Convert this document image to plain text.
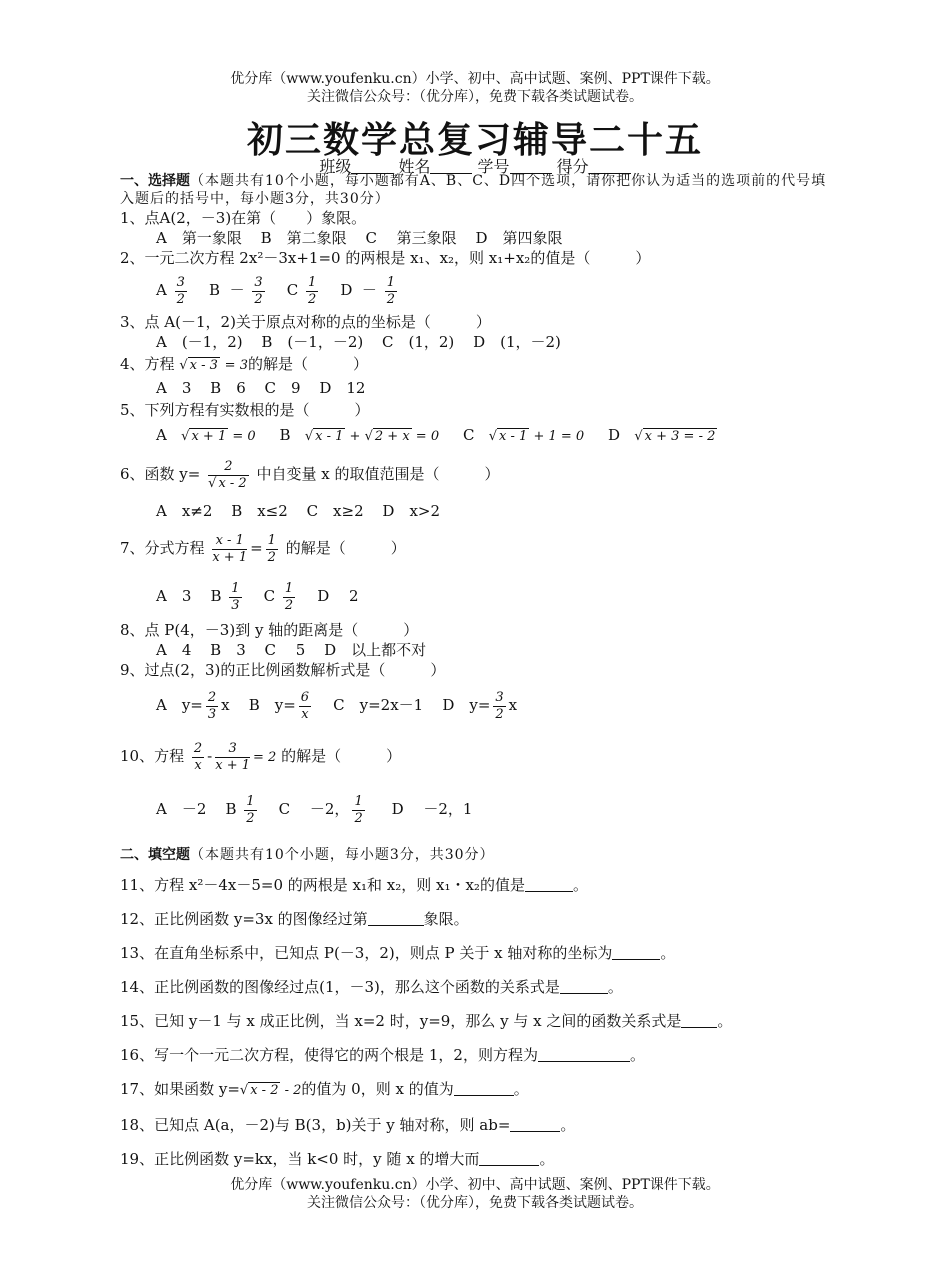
优分库（www.youfenku.cn）小学、初中、高中试题、案例、PPT课件下载。
关注微信公众号：（优分库），免费下载各类试题试卷。
初三数学总复习辅导二十五
班级	姓名	学号	得分

一、选择题（本题共有10个小题，每小题都有A、B、C、D四个选项，请你把你认为适当的选项前的代号填入题后的括号中，每小题3分，共30分）

1、点A(2，－3)在第（　　）象限。

A　第一象限 B　第二象限 C　 第三象限 D　第四象限

2、一元二次方程 2x²－3x+1=0 的两根是 x₁、x₂，则 x₁+x₂的值是（　　　）

A $\frac{3}{2}$ $B - \frac{3}{2}$ C $\frac{1}{2}$ $D - \frac{1}{2}$

3、点 A(－1，2)关于原点对称的点的坐标是（　　　）

A　(－1，2) B　(－1，－2) C　(1，2) D　(1，－2)

4、方程 √ x - 3 = 3的解是（　　　）

A　3 B　6 C　9 D　12

5、下列方程有实数根的是（　　　）

A √ x + 1 = 0 B √ x - 1 + √ 2 + x = 0 C √ x - 1 + 1 = 0 D √ x + 3 = - 2

6、函数 $y= \frac{2}{√ x - 2}$ 中自变量 x 的取值范围是（　　　）

A　x≠2 B　x≤2 C　x≥2 D　x>2

7、分式方程 $\frac{x - 1}{x + 1} = \frac{1}{2}$ 的解是（　　　）

A　3 B $\frac{1}{3}$ C $\frac{1}{2}$ D　 2

8、点 P(4，－3)到 y 轴的距离是（　　　）

A　4 B　3 C　 5 D　以上都不对

9、过点(2，3)的正比例函数解析式是（　　　）

A　$y= \frac{2}{3}$ x B　$y= \frac{6}{x}$ C　y=2x－1 D　$y= \frac{3}{2}$ x

10、方程 $\frac{2}{x} - \frac{3}{x + 1} = 2$ 的解是（　　　）

A　－2 B $\frac{1}{2}$ C　 －2， $\frac{1}{2}$ D　 －2，1

二、填空题（本题共有10个小题，每小题3分，共30分）

11、方程 x²－4x－5=0 的两根是 x₁和 x₂，则 x₁・x₂的值是	。

12、正比例函数 y=3x 的图像经过第	象限。

13、在直角坐标系中，已知点 P(－3，2)，则点 P 关于 x 轴对称的坐标为	。

14、正比例函数的图像经过点(1，－3)，那么这个函数的关系式是	。

15、已知 y－1 与 x 成正比例，当 x=2 时，y=9，那么 y 与 x 之间的函数关系式是 。

16、写一个一元二次方程，使得它的两个根是 1，2，则方程为	。

17、如果函数 y=√ x - 2 - 2的值为 0，则 x 的值为	。

18、已知点 A(a，－2)与 B(3，b)关于 y 轴对称，则 ab=	。

19、正比例函数 y=kx，当 k<0 时，y 随 x 的增大而	。

优分库（www.youfenku.cn）小学、初中、高中试题、案例、PPT课件下载。
关注微信公众号：（优分库），免费下载各类试题试卷。
